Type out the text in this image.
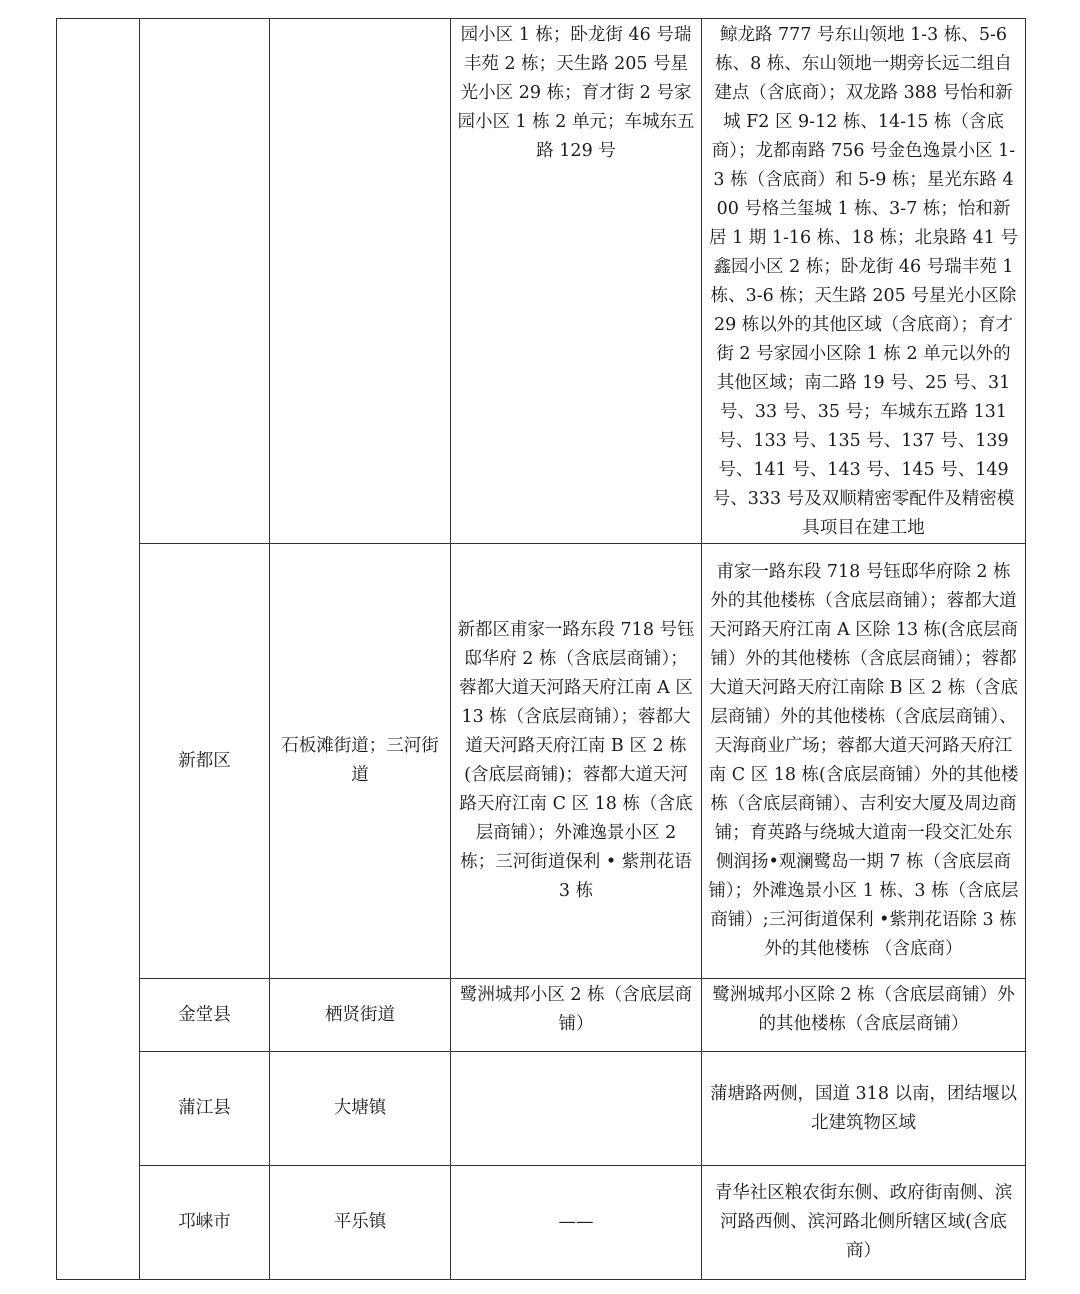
			园小区 1 栋；卧龙街 46 号瑞丰苑 2 栋；天生路 205 号星光小区 29 栋；育才街 2 号家园小区 1 栋 2 单元；车城东五路 129 号	鲸龙路 777 号东山领地 1-3 栋、5-6 栋、8 栋、东山领地一期旁长远二组自建点（含底商）；双龙路 388 号怡和新城 F2 区 9-12 栋、14-15 栋（含底商）；龙都南路 756 号金色逸景小区 1-3 栋（含底商）和 5-9 栋；星光东路 400 号格兰玺城 1 栋、3-7 栋；怡和新居 1 期 1-16 栋、18 栋；北泉路 41 号鑫园小区 2 栋；卧龙街 46 号瑞丰苑 1 栋、3-6 栋；天生路 205 号星光小区除 29 栋以外的其他区域（含底商）；育才街 2 号家园小区除 1 栋 2 单元以外的其他区域；南二路 19 号、25 号、31 号、33 号、35 号；车城东五路 131 号、133 号、135 号、137 号、139 号、141 号、143 号、145 号、149 号、333 号及双顺精密零配件及精密模具项目在建工地
	新都区	石板滩街道；三河街道	新都区甫家一路东段 718 号钰邸华府 2 栋（含底层商铺）；蓉都大道天河路天府江南 A 区 13 栋（含底层商铺）；蓉都大道天河路天府江南 B 区 2 栋(含底层商铺)；蓉都大道天河路天府江南 C 区 18 栋（含底层商铺）；外滩逸景小区 2 栋；三河街道保利 • 紫荆花语 3 栋	甫家一路东段 718 号钰邸华府除 2 栋外的其他楼栋（含底层商铺）；蓉都大道天河路天府江南 A 区除 13 栋(含底层商铺）外的其他楼栋（含底层商铺）；蓉都大道天河路天府江南除 B 区 2 栋（含底层商铺）外的其他楼栋（含底层商铺）、天海商业广场；蓉都大道天河路天府江南 C 区 18 栋(含底层商铺）外的其他楼栋（含底层商铺）、吉利安大厦及周边商铺；育英路与绕城大道南一段交汇处东侧润扬•观澜鹭岛一期 7 栋（含底层商铺）；外滩逸景小区 1 栋、3 栋（含底层商铺）;三河街道保利 •紫荆花语除 3 栋外的其他楼栋 （含底商）
	金堂县	栖贤街道	鹭洲城邦小区 2 栋（含底层商铺）	鹭洲城邦小区除 2 栋（含底层商铺）外的其他楼栋（含底层商铺）
	蒲江县	大塘镇		蒲塘路两侧，国道 318 以南，团结堰以北建筑物区域
	邛崃市	平乐镇	——	青华社区粮农街东侧、政府街南侧、滨河路西侧、滨河路北侧所辖区域(含底商）
